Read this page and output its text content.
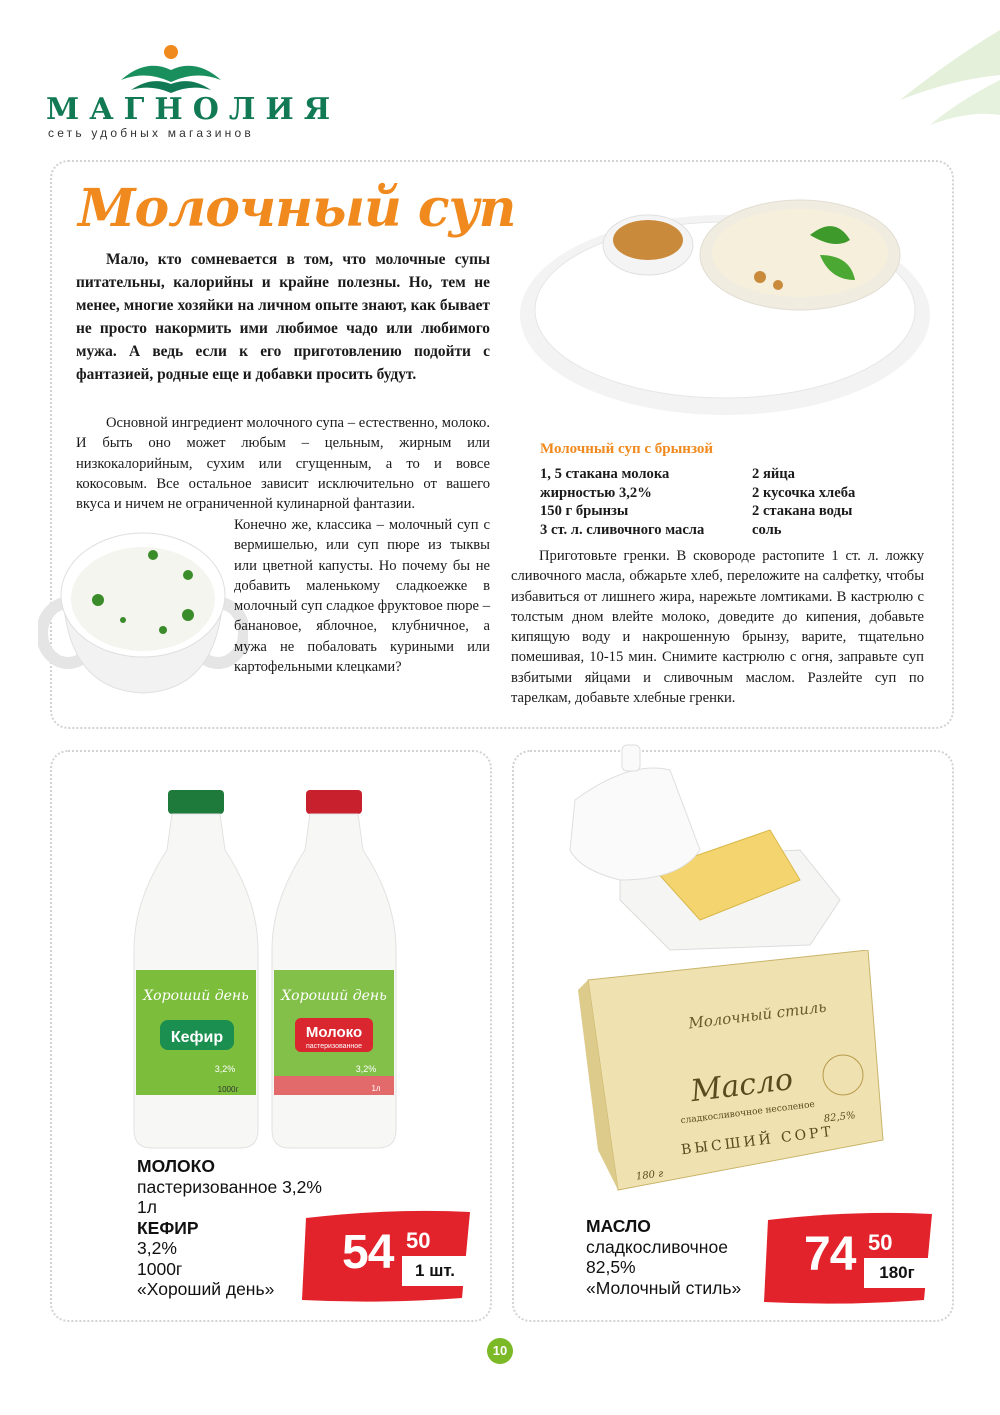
МАГНОЛИЯ
сеть удобных магазинов
Молочный суп

Мало, кто сомневается в том, что молочные супы питательны, калорийны и крайне полезны. Но, тем не менее, многие хозяйки на личном опыте знают, как бывает не просто накормить ими любимое чадо или любимого мужа. А ведь если к его приготовлению подойти с фантазией, родные еще и добавки просить будут.

Основной ингредиент молочного супа – естественно, молоко. И быть оно может любым – цельным, жирным или низкокалорийным, сухим или сгущенным, а то и вовсе кокосовым. Все остальное зависит исключительно от вашего вкуса и ничем не ограниченной кулинарной фантазии.

Конечно же, классика – молочный суп с вермишелью, или суп пюре из тыквы или цветной капусты. Но почему бы не добавить маленькому сладкоежке в молочный суп сладкое фруктовое пюре – банановое, яблочное, клубничное, а мужа не побаловать куриными или картофельными клецками?

Молочный суп с брынзой
1, 5 стакана молока
жирностью 3,2%
150 г брынзы
3 ст. л. сливочного масла
2 яйца
2 кусочка хлеба
2 стакана воды
соль

Приготовьте гренки. В сковороде растопите 1 ст. л. ложку сливочного масла, обжарьте хлеб, переложите на салфетку, чтобы избавиться от лишнего жира, нарежьте ломтиками. В кастрюлю с толстым дном влейте молоко, доведите до кипения, добавьте кипящую воду и накрошенную брынзу, варите, тщательно помешивая, 10-15 мин. Снимите кастрюлю с огня, заправьте суп взбитыми яйцами и сливочным маслом. Разлейте суп по тарелкам, добавьте хлебные гренки.

Хороший день
Кефир
3,2%
1000г
Хороший день
Молоко
пастеризованное
3,2%
1л
МОЛОКО
пастеризованное 3,2%
1л
КЕФИР
3,2%
1000г
«Хороший день»
54 50
1 шт.
Молочный стиль
Масло
сладкосливочное несоленое
ВЫСШИЙ СОРТ
82,5%
180 г
МАСЛО
сладкосливочное
82,5%
«Молочный стиль»
74 50
180г
10
